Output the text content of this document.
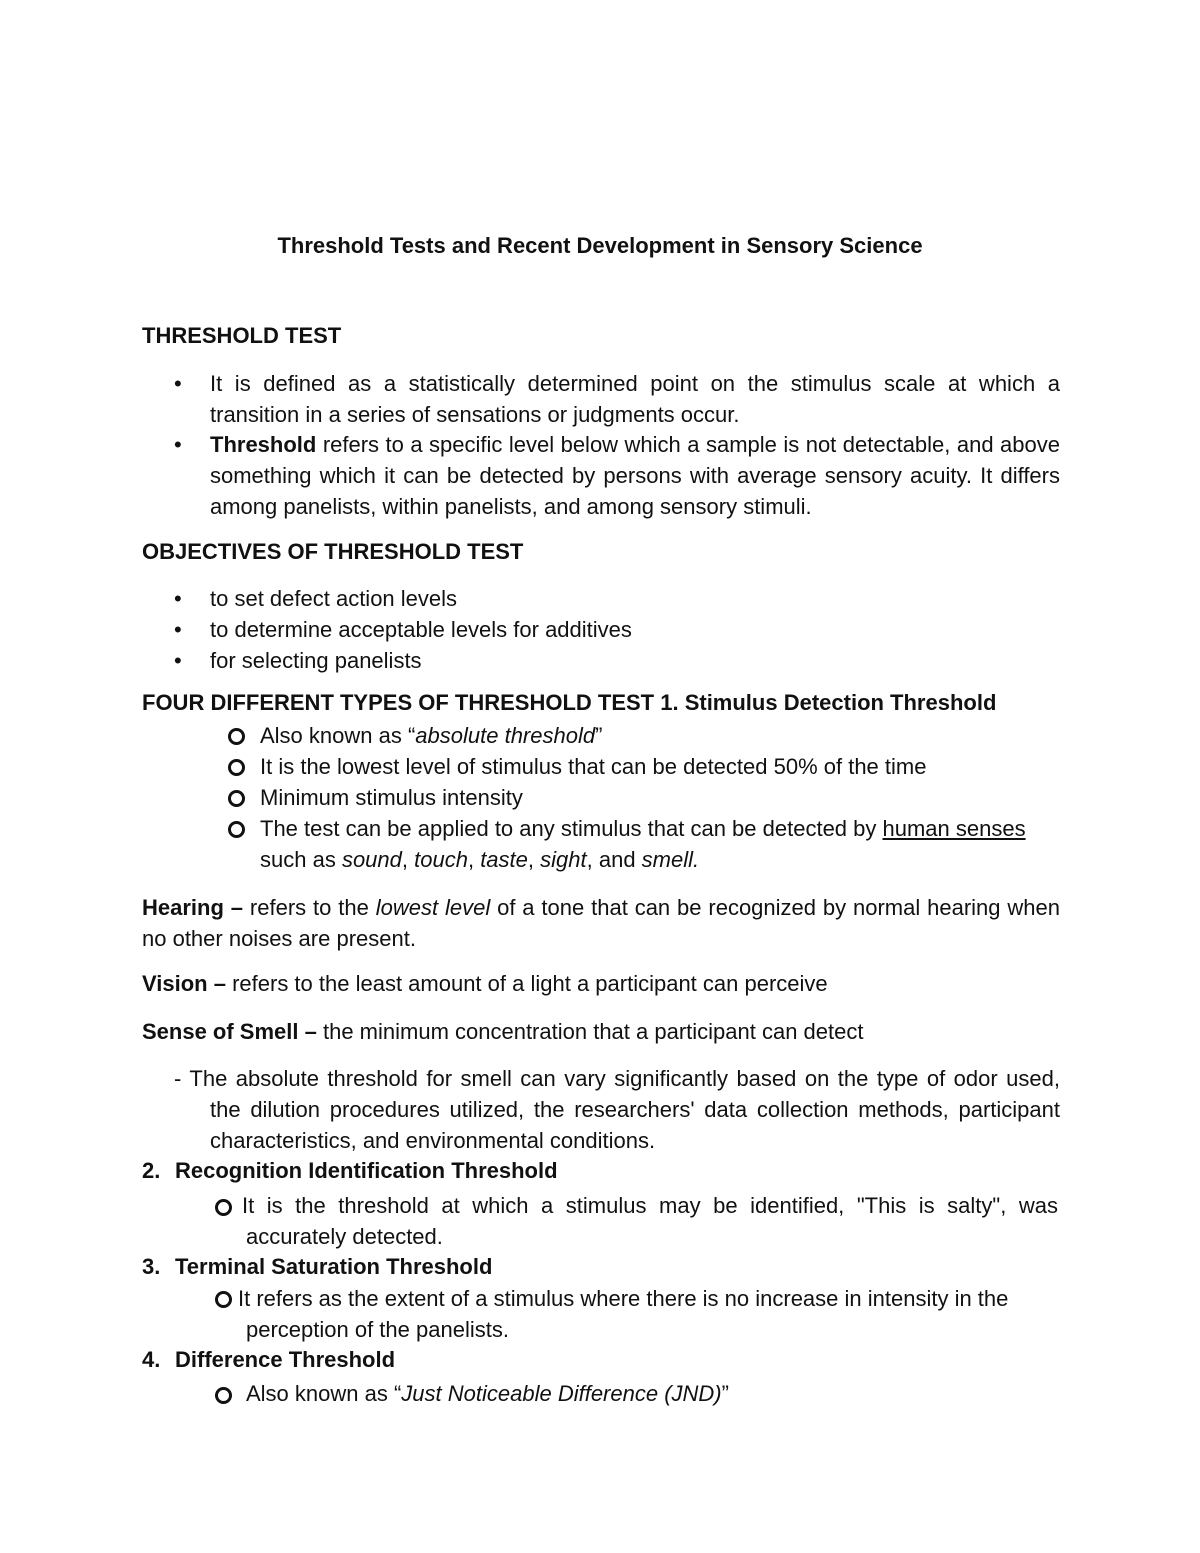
Threshold Tests and Recent Development in Sensory Science
THRESHOLD TEST
• It is defined as a statistically determined point on the stimulus scale at which a transition in a series of sensations or judgments occur.
• Threshold refers to a specific level below which a sample is not detectable, and above something which it can be detected by persons with average sensory acuity. It differs among panelists, within panelists, and among sensory stimuli.
OBJECTIVES OF THRESHOLD TEST
• to set defect action levels
• to determine acceptable levels for additives
• for selecting panelists
FOUR DIFFERENT TYPES OF THRESHOLD TEST 1. Stimulus Detection Threshold
Also known as “absolute threshold”
It is the lowest level of stimulus that can be detected 50% of the time
Minimum stimulus intensity
The test can be applied to any stimulus that can be detected by human senses
such as sound, touch, taste, sight, and smell.
Hearing – refers to the lowest level of a tone that can be recognized by normal hearing when no other noises are present.
Vision – refers to the least amount of a light a participant can perceive
Sense of Smell – the minimum concentration that a participant can detect
- The absolute threshold for smell can vary significantly based on the type of odor used, the dilution procedures utilized, the researchers' data collection methods, participant characteristics, and environmental conditions.
2. Recognition Identification Threshold
It is the threshold at which a stimulus may be identified, "This is salty", was accurately detected.
3. Terminal Saturation Threshold
It refers as the extent of a stimulus where there is no increase in intensity in the perception of the panelists.
4. Difference Threshold
Also known as “Just Noticeable Difference (JND)”
